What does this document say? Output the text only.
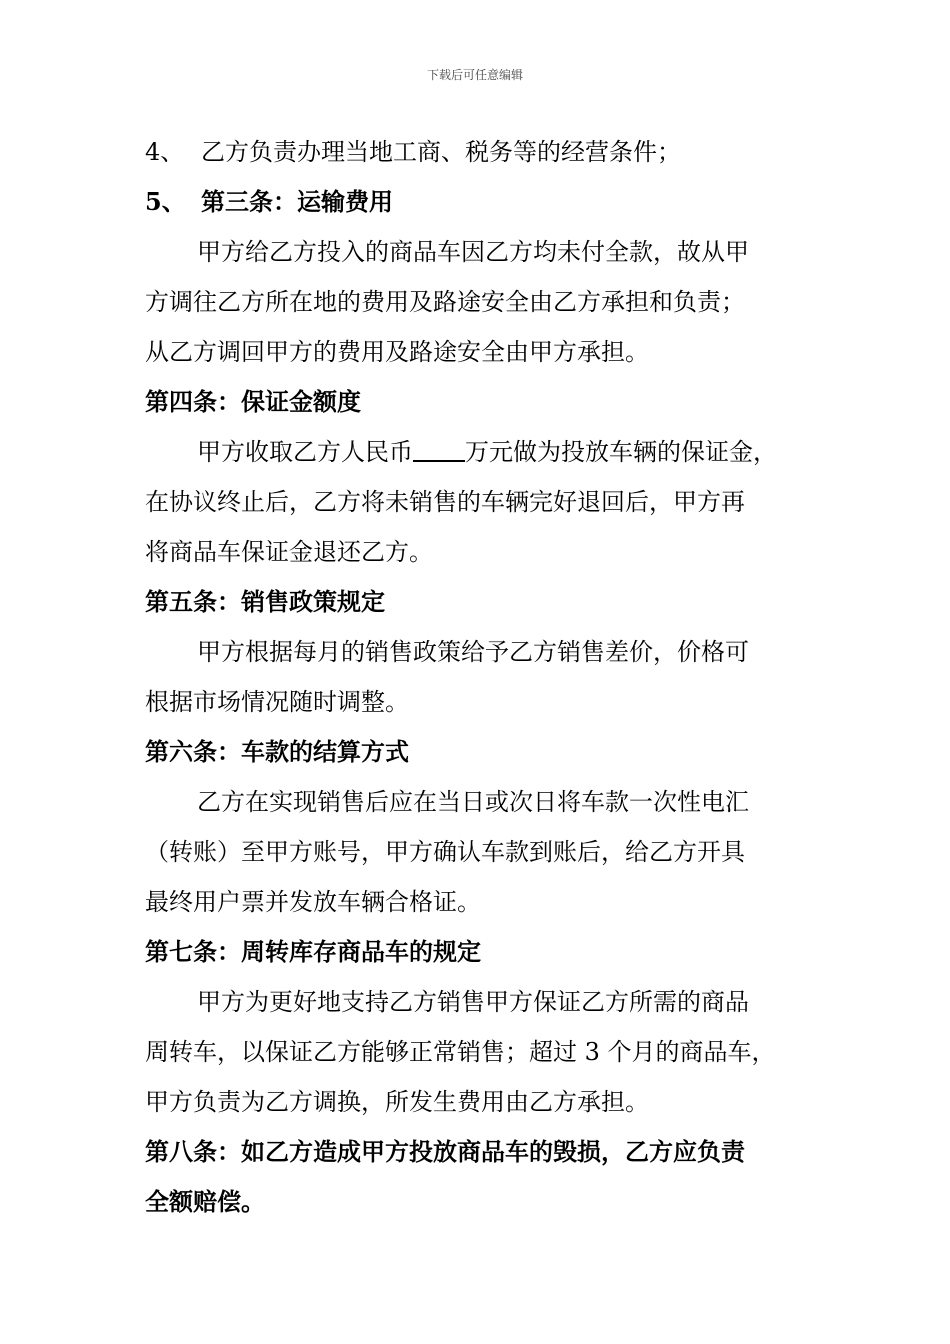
下载后可任意编辑
4、 乙方负责办理当地工商、税务等的经营条件；
5、 第三条：运输费用
甲方给乙方投入的商品车因乙方均未付全款，故从甲
方调往乙方所在地的费用及路途安全由乙方承担和负责；
从乙方调回甲方的费用及路途安全由甲方承担。
第四条：保证金额度
甲方收取乙方人民币 万元做为投放车辆的保证金，
在协议终止后，乙方将未销售的车辆完好退回后，甲方再
将商品车保证金退还乙方。
第五条：销售政策规定
甲方根据每月的销售政策给予乙方销售差价，价格可
根据市场情况随时调整。
第六条：车款的结算方式
乙方在实现销售后应在当日或次日将车款一次性电汇
（转账）至甲方账号，甲方确认车款到账后，给乙方开具
最终用户票并发放车辆合格证。
第七条：周转库存商品车的规定
甲方为更好地支持乙方销售甲方保证乙方所需的商品
周转车，以保证乙方能够正常销售；超过 3 个月的商品车，
甲方负责为乙方调换，所发生费用由乙方承担。
第八条：如乙方造成甲方投放商品车的毁损，乙方应负责
全额赔偿。
